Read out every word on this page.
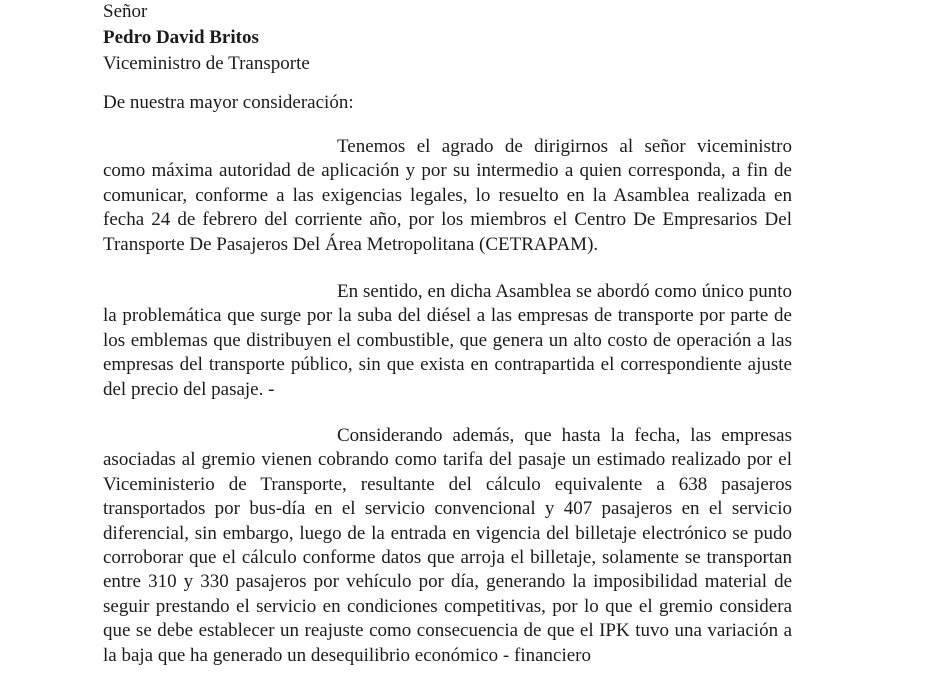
Señor
Pedro David Britos
Viceministro de Transporte
De nuestra mayor consideración:

Tenemos el agrado de dirigirnos al señor viceministro como máxima autoridad de aplicación y por su intermedio a quien corresponda, a fin de comunicar, conforme a las exigencias legales, lo resuelto en la Asamblea realizada en fecha 24 de febrero del corriente año, por los miembros el Centro De Empresarios Del Transporte De Pasajeros Del Área Metropolitana (CETRAPAM).

En sentido, en dicha Asamblea se abordó como único punto la problemática que surge por la suba del diésel a las empresas de transporte por parte de los emblemas que distribuyen el combustible, que genera un alto costo de operación a las empresas del transporte público, sin que exista en contrapartida el correspondiente ajuste del precio del pasaje. -

Considerando además, que hasta la fecha, las empresas asociadas al gremio vienen cobrando como tarifa del pasaje un estimado realizado por el Viceministerio de Transporte, resultante del cálculo equivalente a 638 pasajeros transportados por bus-día en el servicio convencional y 407 pasajeros en el servicio diferencial, sin embargo, luego de la entrada en vigencia del billetaje electrónico se pudo corroborar que el cálculo conforme datos que arroja el billetaje, solamente se transportan entre 310 y 330 pasajeros por vehículo por día, generando la imposibilidad material de seguir prestando el servicio en condiciones competitivas, por lo que el gremio considera que se debe establecer un reajuste como consecuencia de que el IPK tuvo una variación a la baja que ha generado un desequilibrio económico - financiero
